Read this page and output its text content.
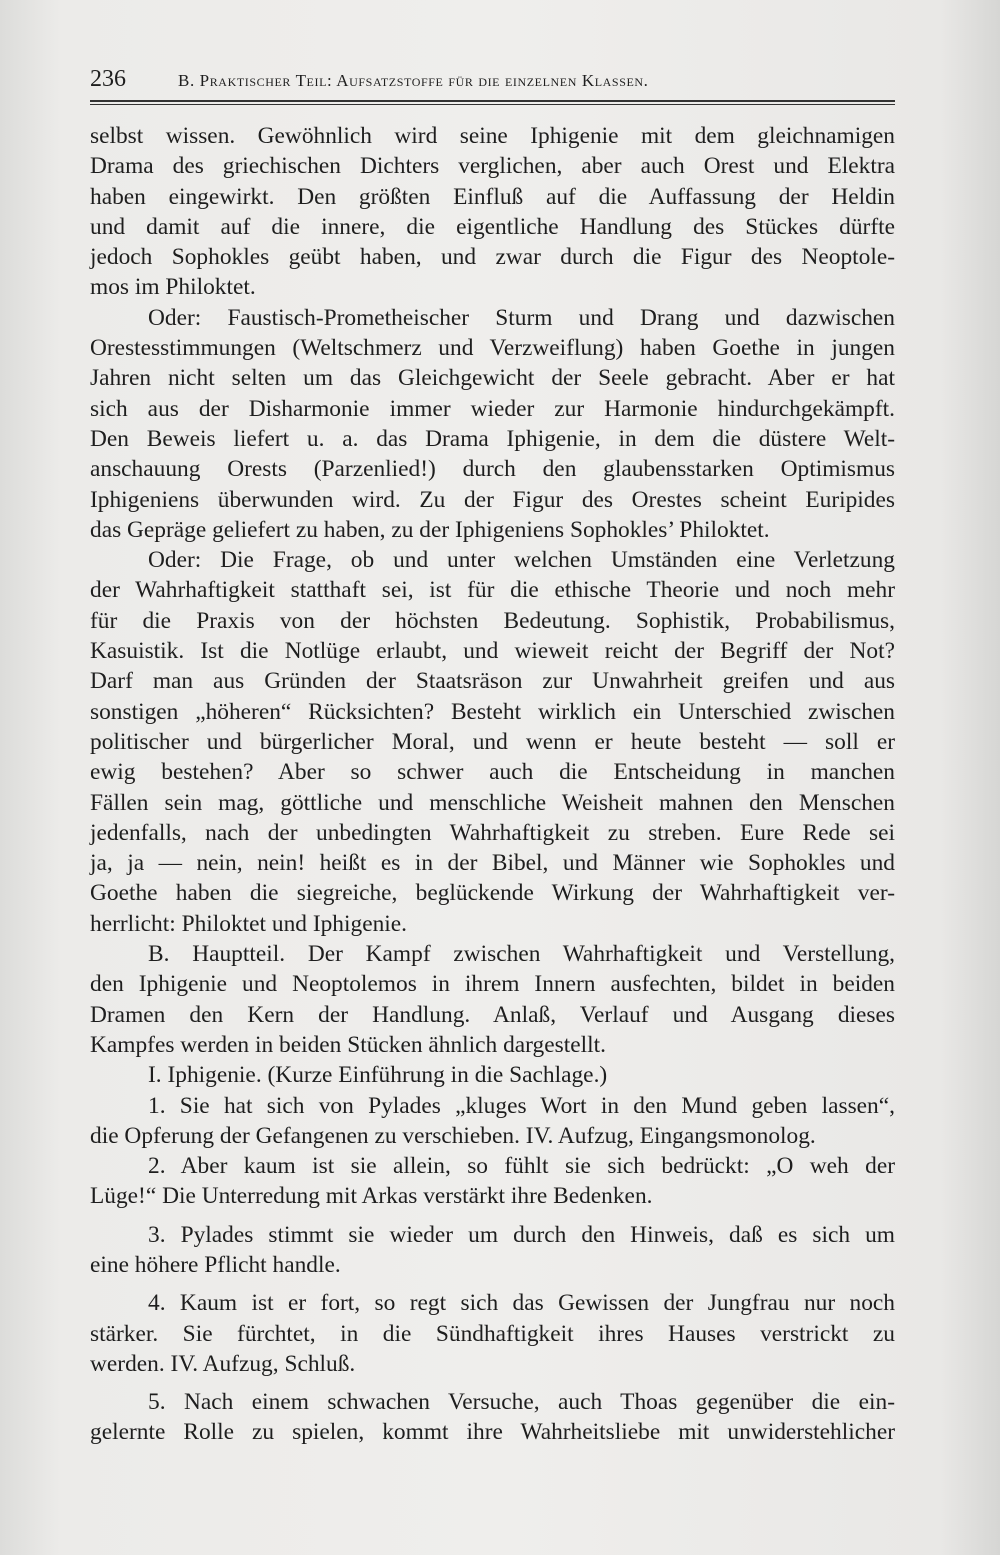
236	B. Praktischer Teil: Aufsatzstoffe für die einzelnen Klassen.

selbst wissen. Gewöhnlich wird seine Iphigenie mit dem gleichnamigen
Drama des griechischen Dichters verglichen, aber auch Orest und Elektra
haben eingewirkt. Den größten Einfluß auf die Auffassung der Heldin
und damit auf die innere, die eigentliche Handlung des Stückes dürfte
jedoch Sophokles geübt haben, und zwar durch die Figur des Neoptole-
mos im Philoktet.

Oder: Faustisch-Prometheischer Sturm und Drang und dazwischen
Orestesstimmungen (Weltschmerz und Verzweiflung) haben Goethe in jungen
Jahren nicht selten um das Gleichgewicht der Seele gebracht. Aber er hat
sich aus der Disharmonie immer wieder zur Harmonie hindurchgekämpft.
Den Beweis liefert u. a. das Drama Iphigenie, in dem die düstere Welt-
anschauung Orests (Parzenlied!) durch den glaubensstarken Optimismus
Iphigeniens überwunden wird. Zu der Figur des Orestes scheint Euripides
das Gepräge geliefert zu haben, zu der Iphigeniens Sophokles’ Philoktet.

Oder: Die Frage, ob und unter welchen Umständen eine Verletzung
der Wahrhaftigkeit statthaft sei, ist für die ethische Theorie und noch mehr
für die Praxis von der höchsten Bedeutung. Sophistik, Probabilismus,
Kasuistik. Ist die Notlüge erlaubt, und wieweit reicht der Begriff der Not?
Darf man aus Gründen der Staatsräson zur Unwahrheit greifen und aus
sonstigen „höheren“ Rücksichten? Besteht wirklich ein Unterschied zwischen
politischer und bürgerlicher Moral, und wenn er heute besteht — soll er
ewig bestehen? Aber so schwer auch die Entscheidung in manchen
Fällen sein mag, göttliche und menschliche Weisheit mahnen den Menschen
jedenfalls, nach der unbedingten Wahrhaftigkeit zu streben. Eure Rede sei
ja, ja — nein, nein! heißt es in der Bibel, und Männer wie Sophokles und
Goethe haben die siegreiche, beglückende Wirkung der Wahrhaftigkeit ver-
herrlicht: Philoktet und Iphigenie.

B. Hauptteil. Der Kampf zwischen Wahrhaftigkeit und Verstellung,
den Iphigenie und Neoptolemos in ihrem Innern ausfechten, bildet in beiden
Dramen den Kern der Handlung. Anlaß, Verlauf und Ausgang dieses
Kampfes werden in beiden Stücken ähnlich dargestellt.

I. Iphigenie. (Kurze Einführung in die Sachlage.)

1. Sie hat sich von Pylades „kluges Wort in den Mund geben lassen“,
die Opferung der Gefangenen zu verschieben. IV. Aufzug, Eingangsmonolog.

2. Aber kaum ist sie allein, so fühlt sie sich bedrückt: „O weh der
Lüge!“ Die Unterredung mit Arkas verstärkt ihre Bedenken.

3. Pylades stimmt sie wieder um durch den Hinweis, daß es sich um
eine höhere Pflicht handle.

4. Kaum ist er fort, so regt sich das Gewissen der Jungfrau nur noch
stärker. Sie fürchtet, in die Sündhaftigkeit ihres Hauses verstrickt zu
werden. IV. Aufzug, Schluß.

5. Nach einem schwachen Versuche, auch Thoas gegenüber die ein-
gelernte Rolle zu spielen, kommt ihre Wahrheitsliebe mit unwiderstehlicher
